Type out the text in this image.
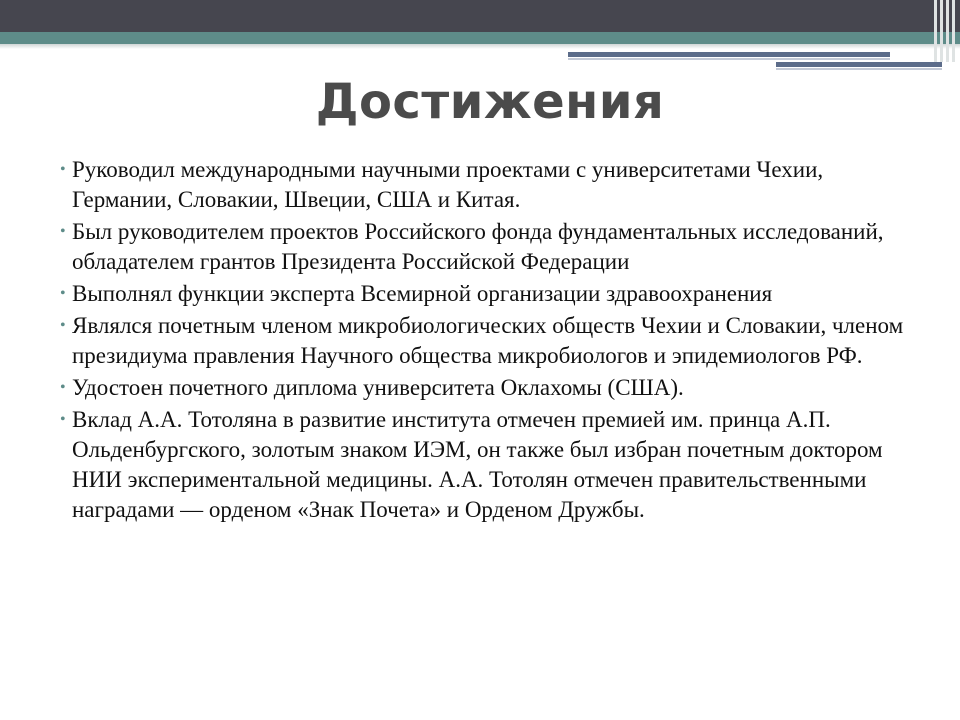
Достижения
• Руководил международными научными проектами с университетами Чехии, Германии, Словакии, Швеции, США и Китая.
• Был руководителем проектов Российского фонда фундаментальных исследований, обладателем грантов Президента Российской Федерации
• Выполнял функции эксперта Всемирной организации здравоохранения
• Являлся почетным членом микробиологических обществ Чехии и Словакии, членом президиума правления Научного общества микробиологов и эпидемиологов РФ.
• Удостоен почетного диплома университета Оклахомы (США).
• Вклад А.А. Тотоляна в развитие института отмечен премией им. принца А.П. Ольденбургского, золотым знаком ИЭМ, он также был избран почетным доктором НИИ экспериментальной медицины. А.А. Тотолян отмечен правительственными наградами — орденом «Знак Почета» и Орденом Дружбы.
